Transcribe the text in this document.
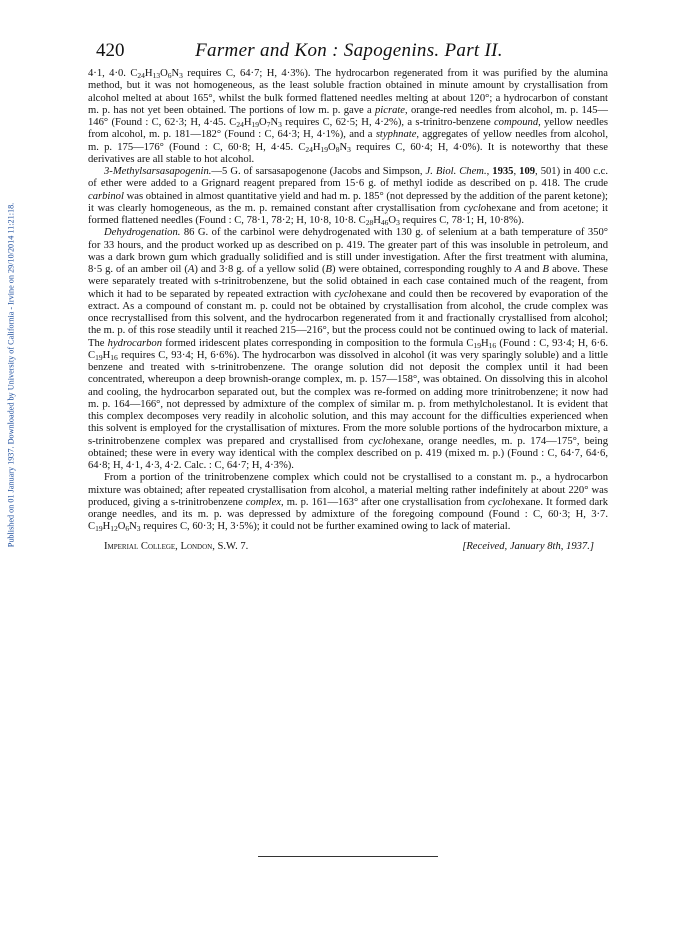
420	Farmer and Kon : Sapogenins. Part II.
Published on 01 January 1937. Downloaded by University of California - Irvine on 29/10/2014 11:21:18.

4·1, 4·0. $C_{24}H_{13}O_6N_3$ requires C, 64·7; H, 4·3%). The hydrocarbon regenerated from it was purified by the alumina method, but it was not homogeneous, as the least soluble fraction obtained in minute amount by crystallisation from alcohol melted at about 165°, whilst the bulk formed flattened needles melting at about 120°; a hydrocarbon of constant m. p. has not yet been obtained. The portions of low m. p. gave a picrate, orange-red needles from alcohol, m. p. 145—146° (Found : C, 62·3; H, 4·45. $C_{24}H_{19}O_7N_3$ requires C, 62·5; H, 4·2%), a s-trinitro-benzene compound, yellow needles from alcohol, m. p. 181—182° (Found : C, 64·3; H, 4·1%), and a styphnate, aggregates of yellow needles from alcohol, m. p. 175—176° (Found : C, 60·8; H, 4·45. $C_{24}H_{19}O_8N_3$ requires C, 60·4; H, 4·0%). It is noteworthy that these derivatives are all stable to hot alcohol.

3-Methylsarsasapogenin.—5 G. of sarsasapogenone (Jacobs and Simpson, J. Biol. Chem., 1935, 109, 501) in 400 c.c. of ether were added to a Grignard reagent prepared from 15·6 g. of methyl iodide as described on p. 418. The crude carbinol was obtained in almost quantitative yield and had m. p. 185° (not depressed by the addition of the parent ketone); it was clearly homogeneous, as the m. p. remained constant after crystallisation from cyclohexane and from acetone; it formed flattened needles (Found : C, 78·1, 78·2; H, 10·8, 10·8. $C_{28}H_{46}O_3$ requires C, 78·1; H, 10·8%).

Dehydrogenation. 86 G. of the carbinol were dehydrogenated with 130 g. of selenium at a bath temperature of 350° for 33 hours, and the product worked up as described on p. 419. The greater part of this was insoluble in petroleum, and was a dark brown gum which gradually solidified and is still under investigation. After the first treatment with alumina, 8·5 g. of an amber oil (A) and 3·8 g. of a yellow solid (B) were obtained, corresponding roughly to A and B above. These were separately treated with s-trinitrobenzene, but the solid obtained in each case contained much of the reagent, from which it had to be separated by repeated extraction with cyclohexane and could then be recovered by evaporation of the extract. As a compound of constant m. p. could not be obtained by crystallisation from alcohol, the crude complex was once recrystallised from this solvent, and the hydrocarbon regenerated from it and fractionally crystallised from alcohol; the m. p. of this rose steadily until it reached 215—216°, but the process could not be continued owing to lack of material. The hydrocarbon formed iridescent plates corresponding in composition to the formula $C_{19}H_{16}$ (Found : C, 93·4; H, 6·6. $C_{19}H_{16}$ requires C, 93·4; H, 6·6%). The hydrocarbon was dissolved in alcohol (it was very sparingly soluble) and a little benzene and treated with s-trinitrobenzene. The orange solution did not deposit the complex until it had been concentrated, whereupon a deep brownish-orange complex, m. p. 157—158°, was obtained. On dissolving this in alcohol and cooling, the hydrocarbon separated out, but the complex was re-formed on adding more trinitrobenzene; it now had m. p. 164—166°, not depressed by admixture of the complex of similar m. p. from methylcholestanol. It is evident that this complex decomposes very readily in alcoholic solution, and this may account for the difficulties experienced when this solvent is employed for the crystallisation of mixtures. From the more soluble portions of the hydrocarbon mixture, a s-trinitrobenzene complex was prepared and crystallised from cyclohexane, orange needles, m. p. 174—175°, being obtained; these were in every way identical with the complex described on p. 419 (mixed m. p.) (Found : C, 64·7, 64·6, 64·8; H, 4·1, 4·3, 4·2. Calc. : C, 64·7; H, 4·3%).

From a portion of the trinitrobenzene complex which could not be crystallised to a constant m. p., a hydrocarbon mixture was obtained; after repeated crystallisation from alcohol, a material melting rather indefinitely at about 220° was produced, giving a s-trinitrobenzene complex, m. p. 161—163° after one crystallisation from cyclohexane. It formed dark orange needles, and its m. p. was depressed by admixture of the foregoing compound (Found : C, 60·3; H, 3·7. $C_{19}H_{12}O_6N_3$ requires C, 60·3; H, 3·5%); it could not be further examined owing to lack of material.

Imperial College, London, S.W. 7.	[Received, January 8th, 1937.]
